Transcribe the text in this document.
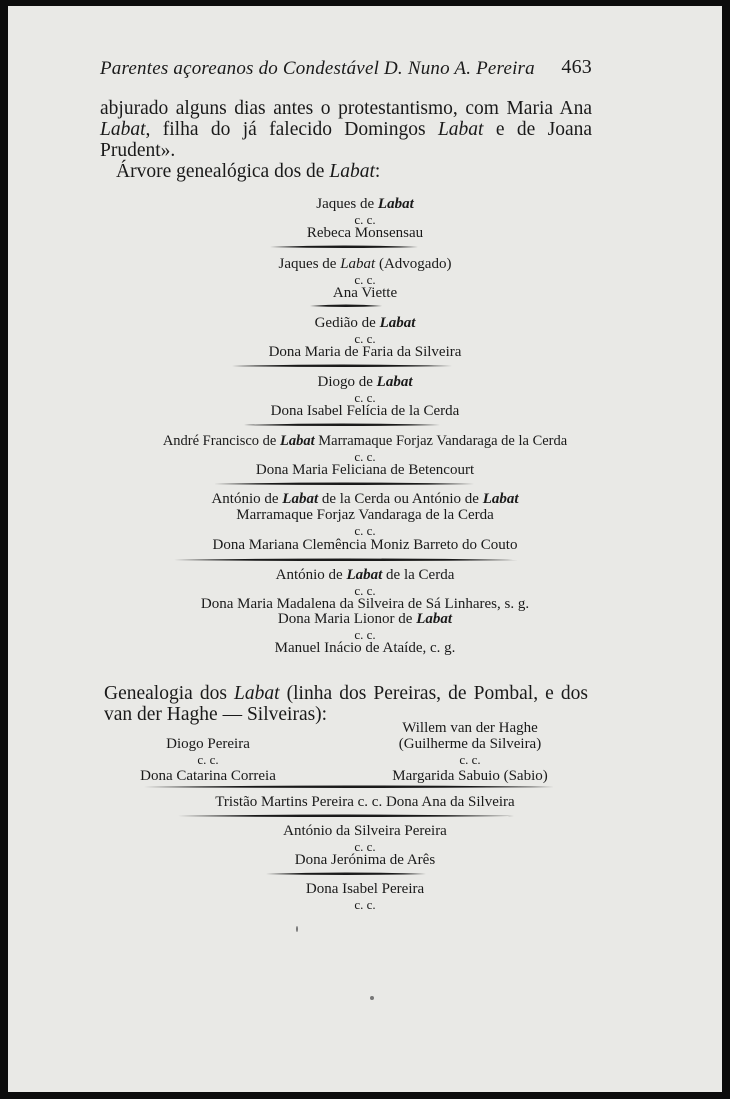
Parentes açoreanos do Condestável D. Nuno A. Pereira 463
abjurado alguns dias antes o protestantismo, com Maria Ana Labat, filha do já falecido Domingos Labat e de Joana Prudent».
Árvore genealógica dos de Labat:
Jaques de Labat
c. c.
Rebeca Monsensau
Jaques de Labat (Advogado)
c. c.
Ana Viette
Gedião de Labat
c. c.
Dona Maria de Faria da Silveira
Diogo de Labat
c. c.
Dona Isabel Felícia de la Cerda
André Francisco de Labat Marramaque Forjaz Vandaraga de la Cerda
c. c.
Dona Maria Feliciana de Betencourt
António de Labat de la Cerda ou António de Labat
Marramaque Forjaz Vandaraga de la Cerda
c. c.
Dona Mariana Clemência Moniz Barreto do Couto
António de Labat de la Cerda
c. c.
Dona Maria Madalena da Silveira de Sá Linhares, s. g.
Dona Maria Lionor de Labat
c. c.
Manuel Inácio de Ataíde, c. g.
Genealogia dos Labat (linha dos Pereiras, de Pombal, e dos van der Haghe — Silveiras):
Diogo Pereira
c. c.
Dona Catarina Correia
Willem van der Haghe
(Guilherme da Silveira)
c. c.
Margarida Sabuio (Sabio)
Tristão Martins Pereira c. c. Dona Ana da Silveira
António da Silveira Pereira
c. c.
Dona Jerónima de Arês
Dona Isabel Pereira
c. c.
